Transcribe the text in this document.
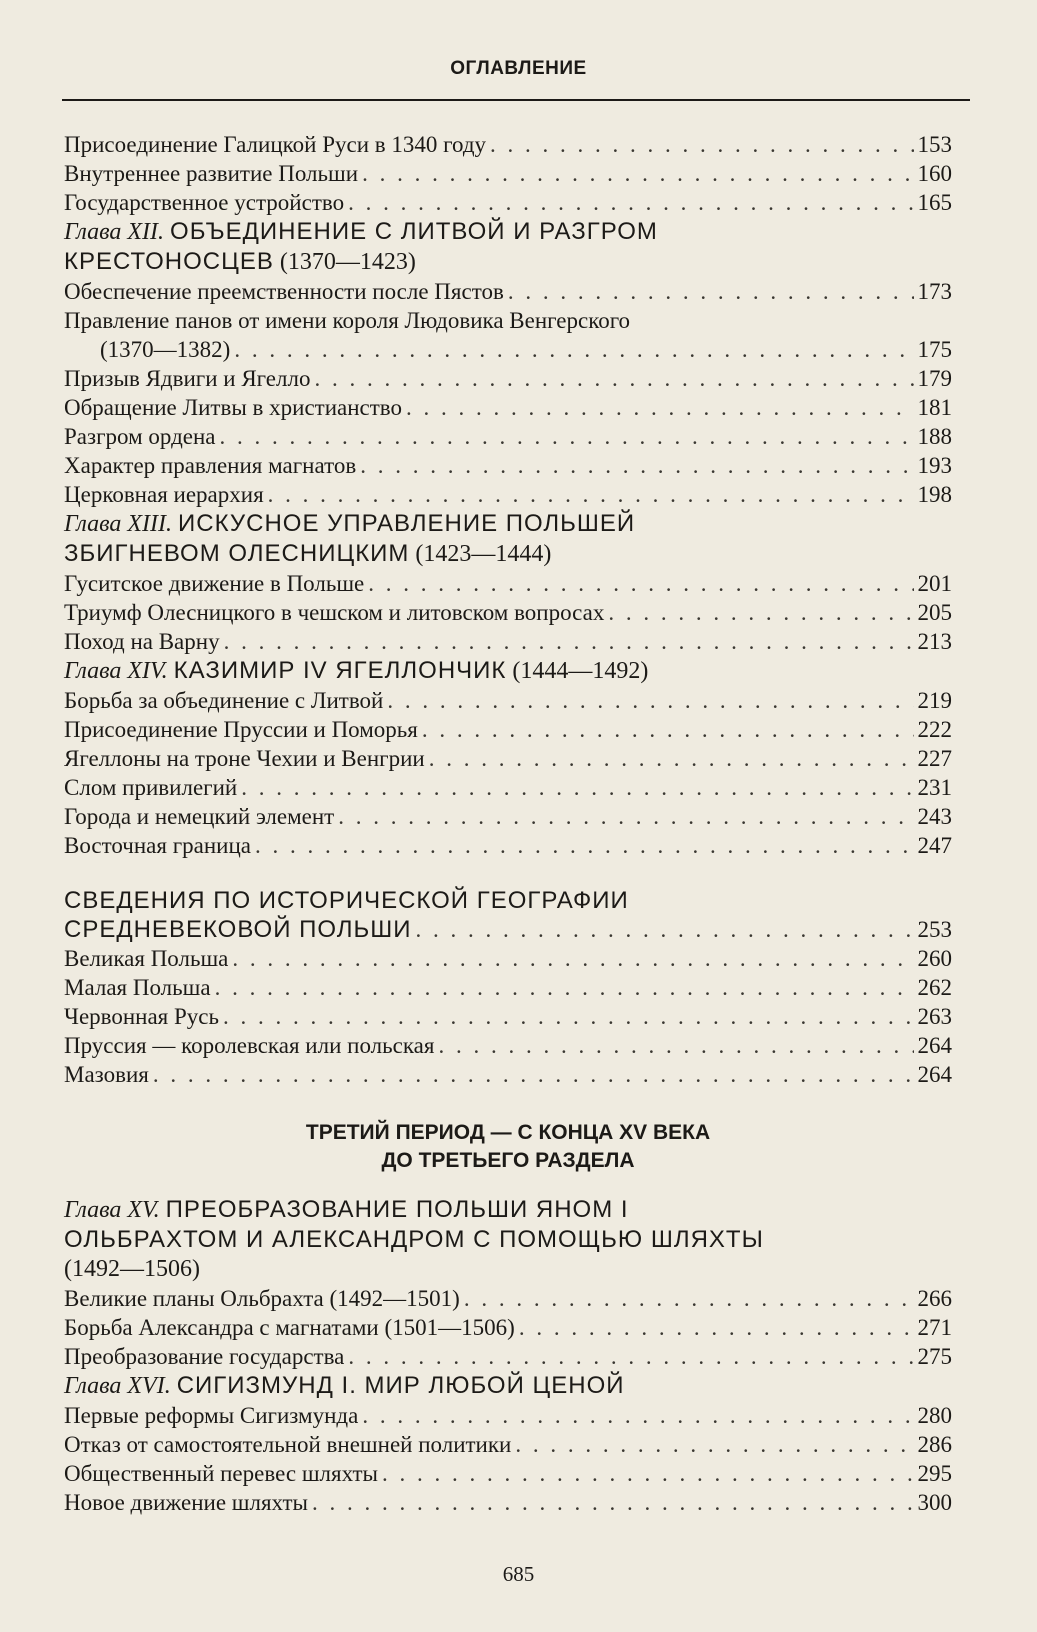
ОГЛАВЛЕНИЕ
Присоединение Галицкой Руси в 1340 году . . .	153
Внутреннее развитие Польши . . .	160
Государственное устройство . . .	165
Глава XII. ОБЪЕДИНЕНИЕ С ЛИТВОЙ И РАЗГРОМ
КРЕСТОНОСЦЕВ (1370—1423)
Обеспечение преемственности после Пястов . . .	173
Правление панов от имени короля Людовика Венгерского
(1370—1382) . . .	175
Призыв Ядвиги и Ягелло . . .	179
Обращение Литвы в христианство . . .	181
Разгром ордена . . .	188
Характер правления магнатов . . .	193
Церковная иерархия . . .	198
Глава XIII. ИСКУСНОЕ УПРАВЛЕНИЕ ПОЛЬШЕЙ
ЗБИГНЕВОМ ОЛЕСНИЦКИМ (1423—1444)
Гуситское движение в Польше . . .	201
Триумф Олесницкого в чешском и литовском вопросах . . .	205
Поход на Варну . . .	213
Глава XIV. КАЗИМИР IV ЯГЕЛЛОНЧИК (1444—1492)
Борьба за объединение с Литвой . . .	219
Присоединение Пруссии и Поморья . . .	222
Ягеллоны на троне Чехии и Венгрии . . .	227
Слом привилегий . . .	231
Города и немецкий элемент . . .	243
Восточная граница . . .	247
СВЕДЕНИЯ ПО ИСТОРИЧЕСКОЙ ГЕОГРАФИИ
СРЕДНЕВЕКОВОЙ ПОЛЬШИ . . .	253
Великая Польша . . .	260
Малая Польша . . .	262
Червонная Русь . . .	263
Пруссия — королевская или польская . . .	264
Мазовия . . .	264
ТРЕТИЙ ПЕРИОД — С КОНЦА XV ВЕКА
ДО ТРЕТЬЕГО РАЗДЕЛА
Глава XV. ПРЕОБРАЗОВАНИЕ ПОЛЬШИ ЯНОМ I
ОЛЬБРАХТОМ И АЛЕКСАНДРОМ С ПОМОЩЬЮ ШЛЯХТЫ
(1492—1506)
Великие планы Ольбрахта (1492—1501) . . .	266
Борьба Александра с магнатами (1501—1506) . . .	271
Преобразование государства . . .	275
Глава XVI. СИГИЗМУНД I. МИР ЛЮБОЙ ЦЕНОЙ
Первые реформы Сигизмунда . . .	280
Отказ от самостоятельной внешней политики . . .	286
Общественный перевес шляхты . . .	295
Новое движение шляхты . . .	300
685
